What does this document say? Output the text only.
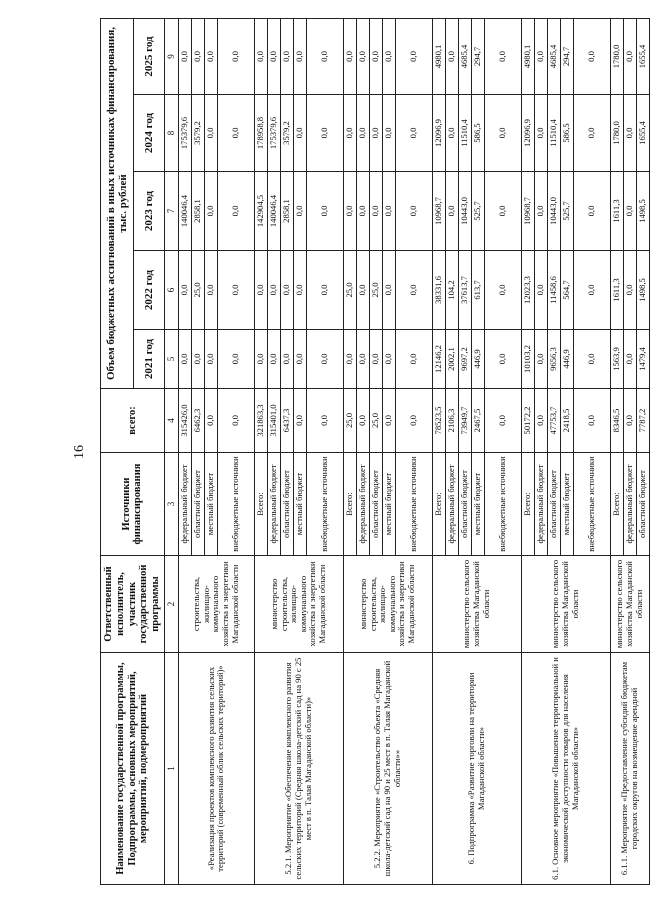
16
Наименование государственной программы, Подпрограммы, основных мероприятий, мероприятий, подмероприятий	Ответственный исполнитель, участник государственной программы	Источники финансирования	всего:	Объем бюджетных ассигнований в иных источниках финансирования, тыс. рублей				
				2021 год	2022 год	2023 год	2024 год	2025 год
1	2	3	4	5	6	7	8	9
«Реализация проектов комплексного развития сельских территорий (современный облик сельских территорий)»	строительства, жилищно-коммунального хозяйства и энергетики Магаданской области	федеральный бюджет	315426,0	0,0	0,0	140046,4	175379,6	0,0
		областной бюджет	6462,3	0,0	25,0	2858,1	3579,2	0,0
		местный бюджет	0,0	0,0	0,0	0,0	0,0	0,0
		внебюджетные источники	0,0	0,0	0,0	0,0	0,0	0,0
5.2.1. Мероприятие «Обеспечение комплексного развития сельских территорий (Средняя школа-детский сад на 90 с 25 мест в п. Талая Магаданской области)»	министерство строительства, жилищно-коммунального хозяйства и энергетики Магаданской области	Всего:	321863,3	0,0	0,0	142904,5	178958,8	0,0
		федеральный бюджет	315401,0	0,0	0,0	140046,4	175379,6	0,0
		областной бюджет	6437,3	0,0	0,0	2858,1	3579,2	0,0
		местный бюджет	0,0	0,0	0,0	0,0	0,0	0,0
		внебюджетные источники	0,0	0,0	0,0	0,0	0,0	0,0
5.2.2. Мероприятие «Строительство объекта «Средняя школа-детский сад на 90 и 25 мест в п. Талая Магаданской области»»	министерство строительства, жилищно-коммунального хозяйства и энергетики Магаданской области	Всего:	25,0	0,0	25,0	0,0	0,0	0,0
		федеральный бюджет	0,0	0,0	0,0	0,0	0,0	0,0
		областной бюджет	25,0	0,0	25,0	0,0	0,0	0,0
		местный бюджет	0,0	0,0	0,0	0,0	0,0	0,0
		внебюджетные источники	0,0	0,0	0,0	0,0	0,0	0,0
6. Подпрограмма «Развитие торговли на территории Магаданской области»	министерство сельского хозяйства Магаданской области	Всего:	78523,5	12146,2	38331,6	10968,7	12096,9	4980,1
		федеральный бюджет	2106,3	2002,1	104,2	0,0	0,0	0,0
		областной бюджет	73949,7	9697,2	37613,7	10443,0	11510,4	4685,4
		местный бюджет	2467,5	446,9	613,7	525,7	586,5	294,7
		внебюджетные источники	0,0	0,0	0,0	0,0	0,0	0,0
6.1. Основное мероприятие «Повышение территориальной и экономической доступности товаров для населения Магаданской области»	министерство сельского хозяйства Магаданской области	Всего:	50172,2	10103,2	12023,3	10968,7	12096,9	4980,1
		федеральный бюджет	0,0	0,0	0,0	0,0	0,0	0,0
		областной бюджет	47753,7	9656,3	11458,6	10443,0	11510,4	4685,4
		местный бюджет	2418,5	446,9	564,7	525,7	586,5	294,7
		внебюджетные источники	0,0	0,0	0,0	0,0	0,0	0,0
6.1.1. Мероприятие «Предоставление субсидий бюджетам городских округов на возмещение арендной	министерство сельского хозяйства Магаданской области	Всего:	8346,5	1563,9	1611,3	1611,3	1780,0	1780,0
		федеральный бюджет	0,0	0,0	0,0	0,0	0,0	0,0
		областной бюджет	7787,2	1479,4	1498,5	1498,5	1655,4	1655,4
